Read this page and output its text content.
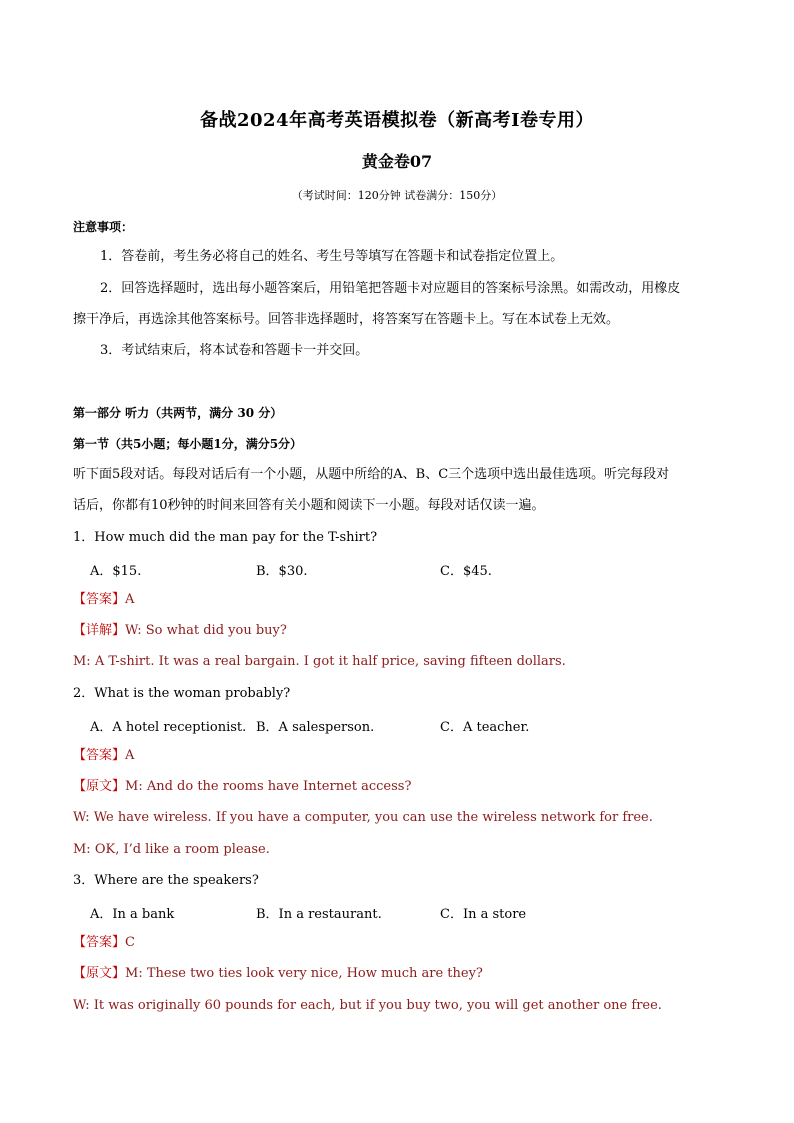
备战2024年高考英语模拟卷（新高考I卷专用）
黄金卷07
（考试时间：120分钟 试卷满分：150分）
注意事项：
1．答卷前，考生务必将自己的姓名、考生号等填写在答题卡和试卷指定位置上。
2．回答选择题时，选出每小题答案后，用铅笔把答题卡对应题目的答案标号涂黑。如需改动，用橡皮
擦干净后，再选涂其他答案标号。回答非选择题时，将答案写在答题卡上。写在本试卷上无效。
3．考试结束后，将本试卷和答题卡一并交回。
第一部分 听力（共两节，满分 30 分）
第一节（共5小题；每小题1分，满分5分）
听下面5段对话。每段对话后有一个小题，从题中所给的A、B、C三个选项中选出最佳选项。听完每段对
话后，你都有10秒钟的时间来回答有关小题和阅读下一小题。每段对话仅读一遍。
1．How much did the man pay for the T-shirt?
A．$15.	B．$30.	C．$45.
【答案】A
【详解】W: So what did you buy?
M: A T-shirt. It was a real bargain. I got it half price, saving fifteen dollars.
2．What is the woman probably?
A．A hotel receptionist. B．A salesperson.	C．A teacher.
【答案】A
【原文】M: And do the rooms have Internet access?
W: We have wireless. If you have a computer, you can use the wireless network for free.
M: OK, I’d like a room please.
3．Where are the speakers?
A．In a bank	B．In a restaurant.	C．In a store
【答案】C
【原文】M: These two ties look very nice, How much are they?
W: It was originally 60 pounds for each, but if you buy two, you will get another one free.
